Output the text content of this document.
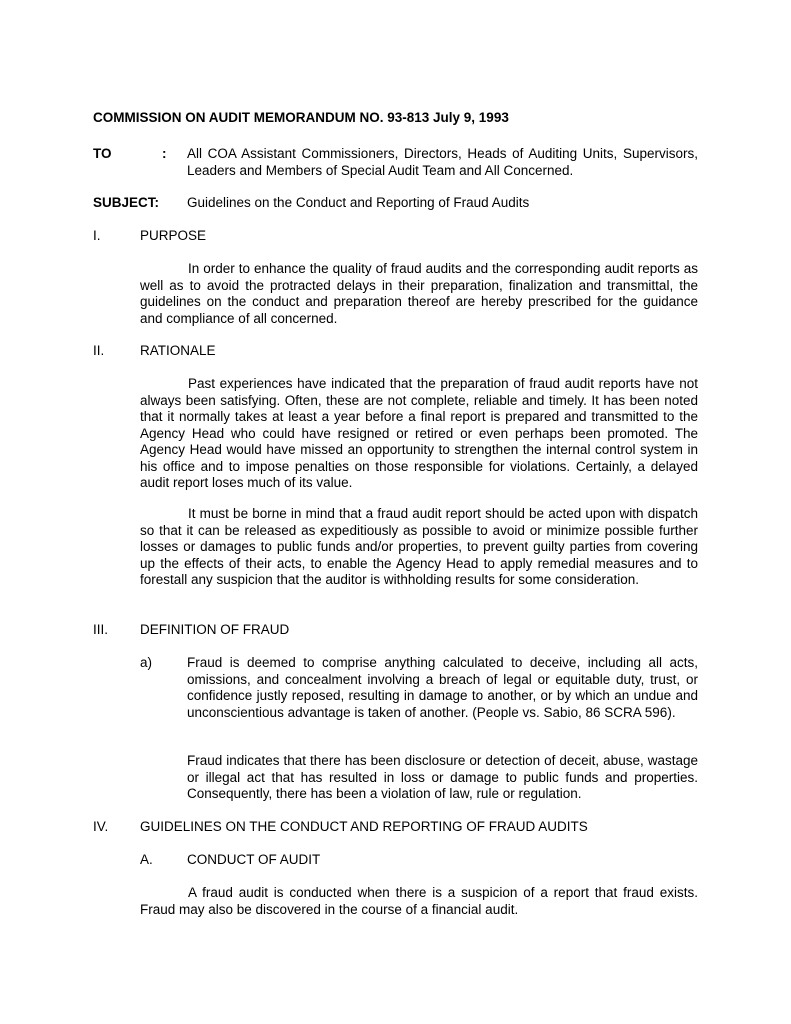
COMMISSION ON AUDIT MEMORANDUM NO. 93-813 July 9, 1993
TO	: All COA Assistant Commissioners, Directors, Heads of Auditing Units, Supervisors, Leaders and Members of Special Audit Team and All Concerned.

SUBJECT: Guidelines on the Conduct and Reporting of Fraud Audits
I.	PURPOSE

In order to enhance the quality of fraud audits and the corresponding audit reports as well as to avoid the protracted delays in their preparation, finalization and transmittal, the guidelines on the conduct and preparation thereof are hereby prescribed for the guidance and compliance of all concerned.

II.	RATIONALE

Past experiences have indicated that the preparation of fraud audit reports have not always been satisfying. Often, these are not complete, reliable and timely. It has been noted that it normally takes at least a year before a final report is prepared and transmitted to the Agency Head who could have resigned or retired or even perhaps been promoted. The Agency Head would have missed an opportunity to strengthen the internal control system in his office and to impose penalties on those responsible for violations. Certainly, a delayed audit report loses much of its value.

It must be borne in mind that a fraud audit report should be acted upon with dispatch so that it can be released as expeditiously as possible to avoid or minimize possible further losses or damages to public funds and/or properties, to prevent guilty parties from covering up the effects of their acts, to enable the Agency Head to apply remedial measures and to forestall any suspicion that the auditor is withholding results for some consideration.

III. DEFINITION OF FRAUD
a)	Fraud is deemed to comprise anything calculated to deceive, including all acts, omissions, and concealment involving a breach of legal or equitable duty, trust, or confidence justly reposed, resulting in damage to another, or by which an undue and unconscientious advantage is taken of another. (People vs. Sabio, 86 SCRA 596).

Fraud indicates that there has been disclosure or detection of deceit, abuse, wastage or illegal act that has resulted in loss or damage to public funds and properties. Consequently, there has been a violation of law, rule or regulation.

IV. GUIDELINES ON THE CONDUCT AND REPORTING OF FRAUD AUDITS
A.	CONDUCT OF AUDIT

A fraud audit is conducted when there is a suspicion of a report that fraud exists. Fraud may also be discovered in the course of a financial audit.
